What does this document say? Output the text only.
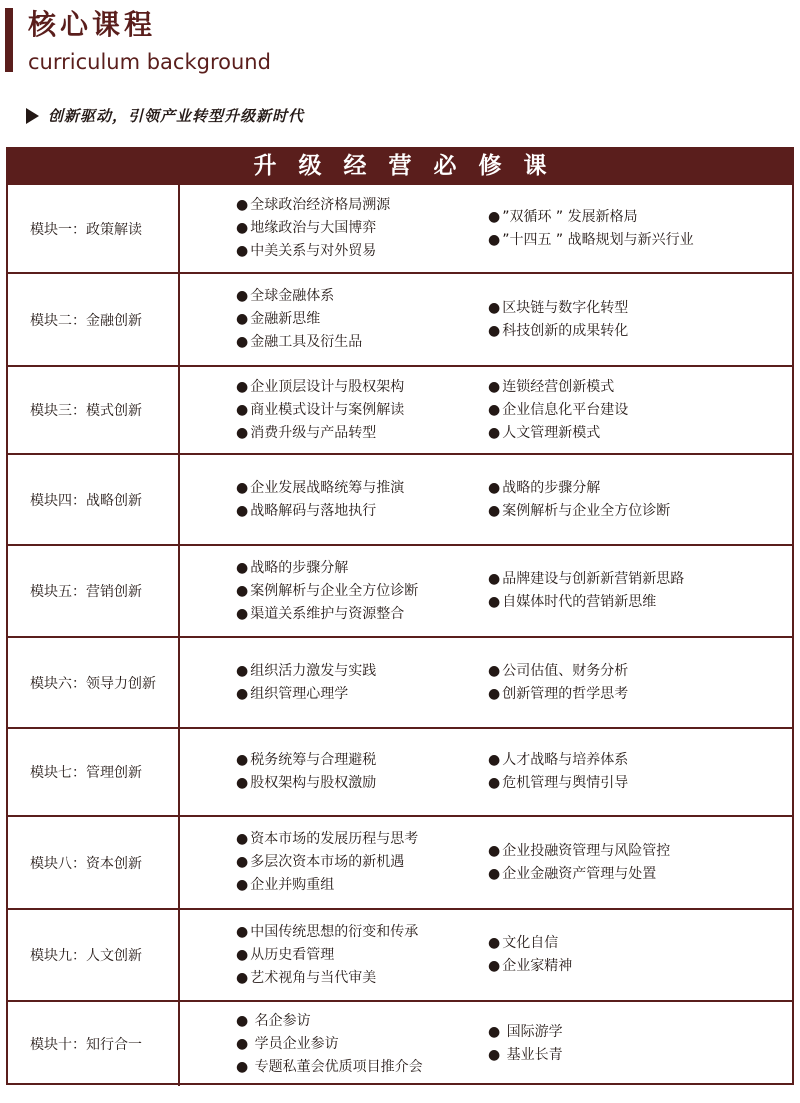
核心课程
curriculum background
创新驱动，引领产业转型升级新时代
升级经营必修课
模块一：政策解读
● 全球政治经济格局溯源
● 地缘政治与大国博弈
● 中美关系与对外贸易
● ”双循环 ” 发展新格局
● ”十四五 ” 战略规划与新兴行业
模块二：金融创新
● 全球金融体系
● 金融新思维
● 金融工具及衍生品
● 区块链与数字化转型
● 科技创新的成果转化
模块三：模式创新
● 企业顶层设计与股权架构
● 商业模式设计与案例解读
● 消费升级与产品转型
● 连锁经营创新模式
● 企业信息化平台建设
● 人文管理新模式
模块四：战略创新
● 企业发展战略统筹与推演
● 战略解码与落地执行
● 战略的步骤分解
● 案例解析与企业全方位诊断
模块五：营销创新
● 战略的步骤分解
● 案例解析与企业全方位诊断
● 渠道关系维护与资源整合
● 品牌建设与创新新营销新思路
● 自媒体时代的营销新思维
模块六：领导力创新
● 组织活力激发与实践
● 组织管理心理学
● 公司估值、财务分析
● 创新管理的哲学思考
模块七：管理创新
● 税务统筹与合理避税
● 股权架构与股权激励
● 人才战略与培养体系
● 危机管理与舆情引导
模块八：资本创新
● 资本市场的发展历程与思考
● 多层次资本市场的新机遇
● 企业并购重组
● 企业投融资管理与风险管控
● 企业金融资产管理与处置
模块九：人文创新
● 中国传统思想的衍变和传承
● 从历史看管理
● 艺术视角与当代审美
● 文化自信
● 企业家精神
模块十：知行合一
● 名企参访
● 学员企业参访
● 专题私董会优质项目推介会
● 国际游学
● 基业长青
